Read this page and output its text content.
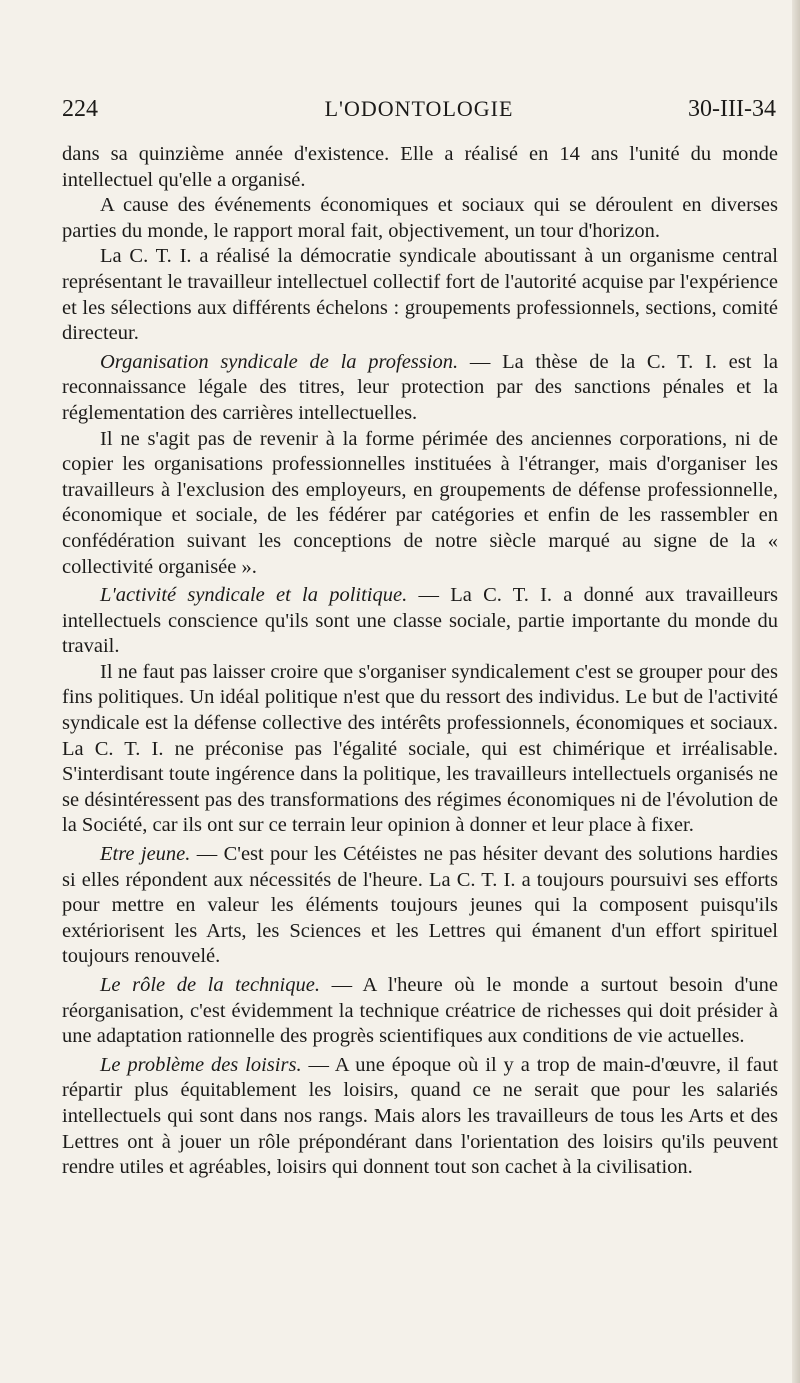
224	L'ODONTOLOGIE	30-III-34

dans sa quinzième année d'existence. Elle a réalisé en 14 ans l'unité du monde intellectuel qu'elle a organisé.

A cause des événements économiques et sociaux qui se déroulent en diverses parties du monde, le rapport moral fait, objectivement, un tour d'horizon.

La C. T. I. a réalisé la démocratie syndicale aboutissant à un organisme central représentant le travailleur intellectuel collectif fort de l'autorité acquise par l'expérience et les sélections aux différents échelons : groupements professionnels, sections, comité directeur.

Organisation syndicale de la profession. — La thèse de la C. T. I. est la reconnaissance légale des titres, leur protection par des sanctions pénales et la réglementation des carrières intellectuelles.

Il ne s'agit pas de revenir à la forme périmée des anciennes corporations, ni de copier les organisations professionnelles instituées à l'étranger, mais d'organiser les travailleurs à l'exclusion des employeurs, en groupements de défense professionnelle, économique et sociale, de les fédérer par catégories et enfin de les rassembler en confédération suivant les conceptions de notre siècle marqué au signe de la « collectivité organisée ».

L'activité syndicale et la politique. — La C. T. I. a donné aux travailleurs intellectuels conscience qu'ils sont une classe sociale, partie importante du monde du travail.

Il ne faut pas laisser croire que s'organiser syndicalement c'est se grouper pour des fins politiques. Un idéal politique n'est que du ressort des individus. Le but de l'activité syndicale est la défense collective des intérêts professionnels, économiques et sociaux. La C. T. I. ne préconise pas l'égalité sociale, qui est chimérique et irréalisable. S'interdisant toute ingérence dans la politique, les travailleurs intellectuels organisés ne se désintéressent pas des transformations des régimes économiques ni de l'évolution de la Société, car ils ont sur ce terrain leur opinion à donner et leur place à fixer.

Etre jeune. — C'est pour les Cétéistes ne pas hésiter devant des solutions hardies si elles répondent aux nécessités de l'heure. La C. T. I. a toujours poursuivi ses efforts pour mettre en valeur les éléments toujours jeunes qui la composent puisqu'ils extériorisent les Arts, les Sciences et les Lettres qui émanent d'un effort spirituel toujours renouvelé.

Le rôle de la technique. — A l'heure où le monde a surtout besoin d'une réorganisation, c'est évidemment la technique créatrice de richesses qui doit présider à une adaptation rationnelle des progrès scientifiques aux conditions de vie actuelles.

Le problème des loisirs. — A une époque où il y a trop de main-d'œuvre, il faut répartir plus équitablement les loisirs, quand ce ne serait que pour les salariés intellectuels qui sont dans nos rangs. Mais alors les travailleurs de tous les Arts et des Lettres ont à jouer un rôle prépondérant dans l'orientation des loisirs qu'ils peuvent rendre utiles et agréables, loisirs qui donnent tout son cachet à la civilisation.
